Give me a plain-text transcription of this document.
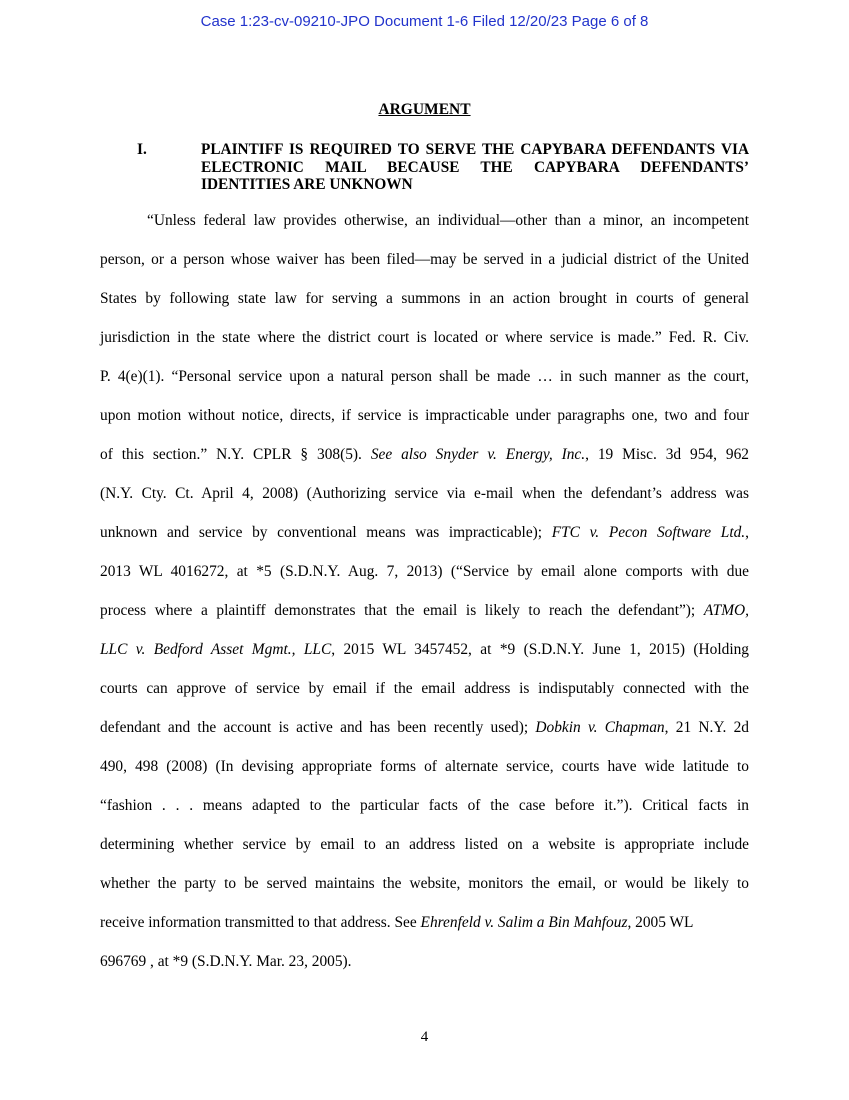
Case 1:23-cv-09210-JPO Document 1-6 Filed 12/20/23 Page 6 of 8
ARGUMENT
I.	PLAINTIFF IS REQUIRED TO SERVE THE CAPYBARA DEFENDANTS VIA ELECTRONIC MAIL BECAUSE THE CAPYBARA DEFENDANTS’ IDENTITIES ARE UNKNOWN
“Unless federal law provides otherwise, an individual—other than a minor, an incompetent
person, or a person whose waiver has been filed—may be served in a judicial district of the United
States by following state law for serving a summons in an action brought in courts of general
jurisdiction in the state where the district court is located or where service is made.” Fed. R. Civ.
P. 4(e)(1). “Personal service upon a natural person shall be made … in such manner as the court,
upon motion without notice, directs, if service is impracticable under paragraphs one, two and four
of this section.” N.Y. CPLR § 308(5). See also Snyder v. Energy, Inc., 19 Misc. 3d 954, 962
(N.Y. Cty. Ct. April 4, 2008) (Authorizing service via e-mail when the defendant’s address was
unknown and service by conventional means was impracticable); FTC v. Pecon Software Ltd.,
2013 WL 4016272, at *5 (S.D.N.Y. Aug. 7, 2013) (“Service by email alone comports with due
process where a plaintiff demonstrates that the email is likely to reach the defendant”); ATMO,
LLC v. Bedford Asset Mgmt., LLC, 2015 WL 3457452, at *9 (S.D.N.Y. June 1, 2015) (Holding
courts can approve of service by email if the email address is indisputably connected with the
defendant and the account is active and has been recently used); Dobkin v. Chapman, 21 N.Y. 2d
490, 498 (2008) (In devising appropriate forms of alternate service, courts have wide latitude to
“fashion . . . means adapted to the particular facts of the case before it.”). Critical facts in
determining whether service by email to an address listed on a website is appropriate include
whether the party to be served maintains the website, monitors the email, or would be likely to
receive information transmitted to that address. See Ehrenfeld v. Salim a Bin Mahfouz, 2005 WL
696769 , at *9 (S.D.N.Y. Mar. 23, 2005).
4
